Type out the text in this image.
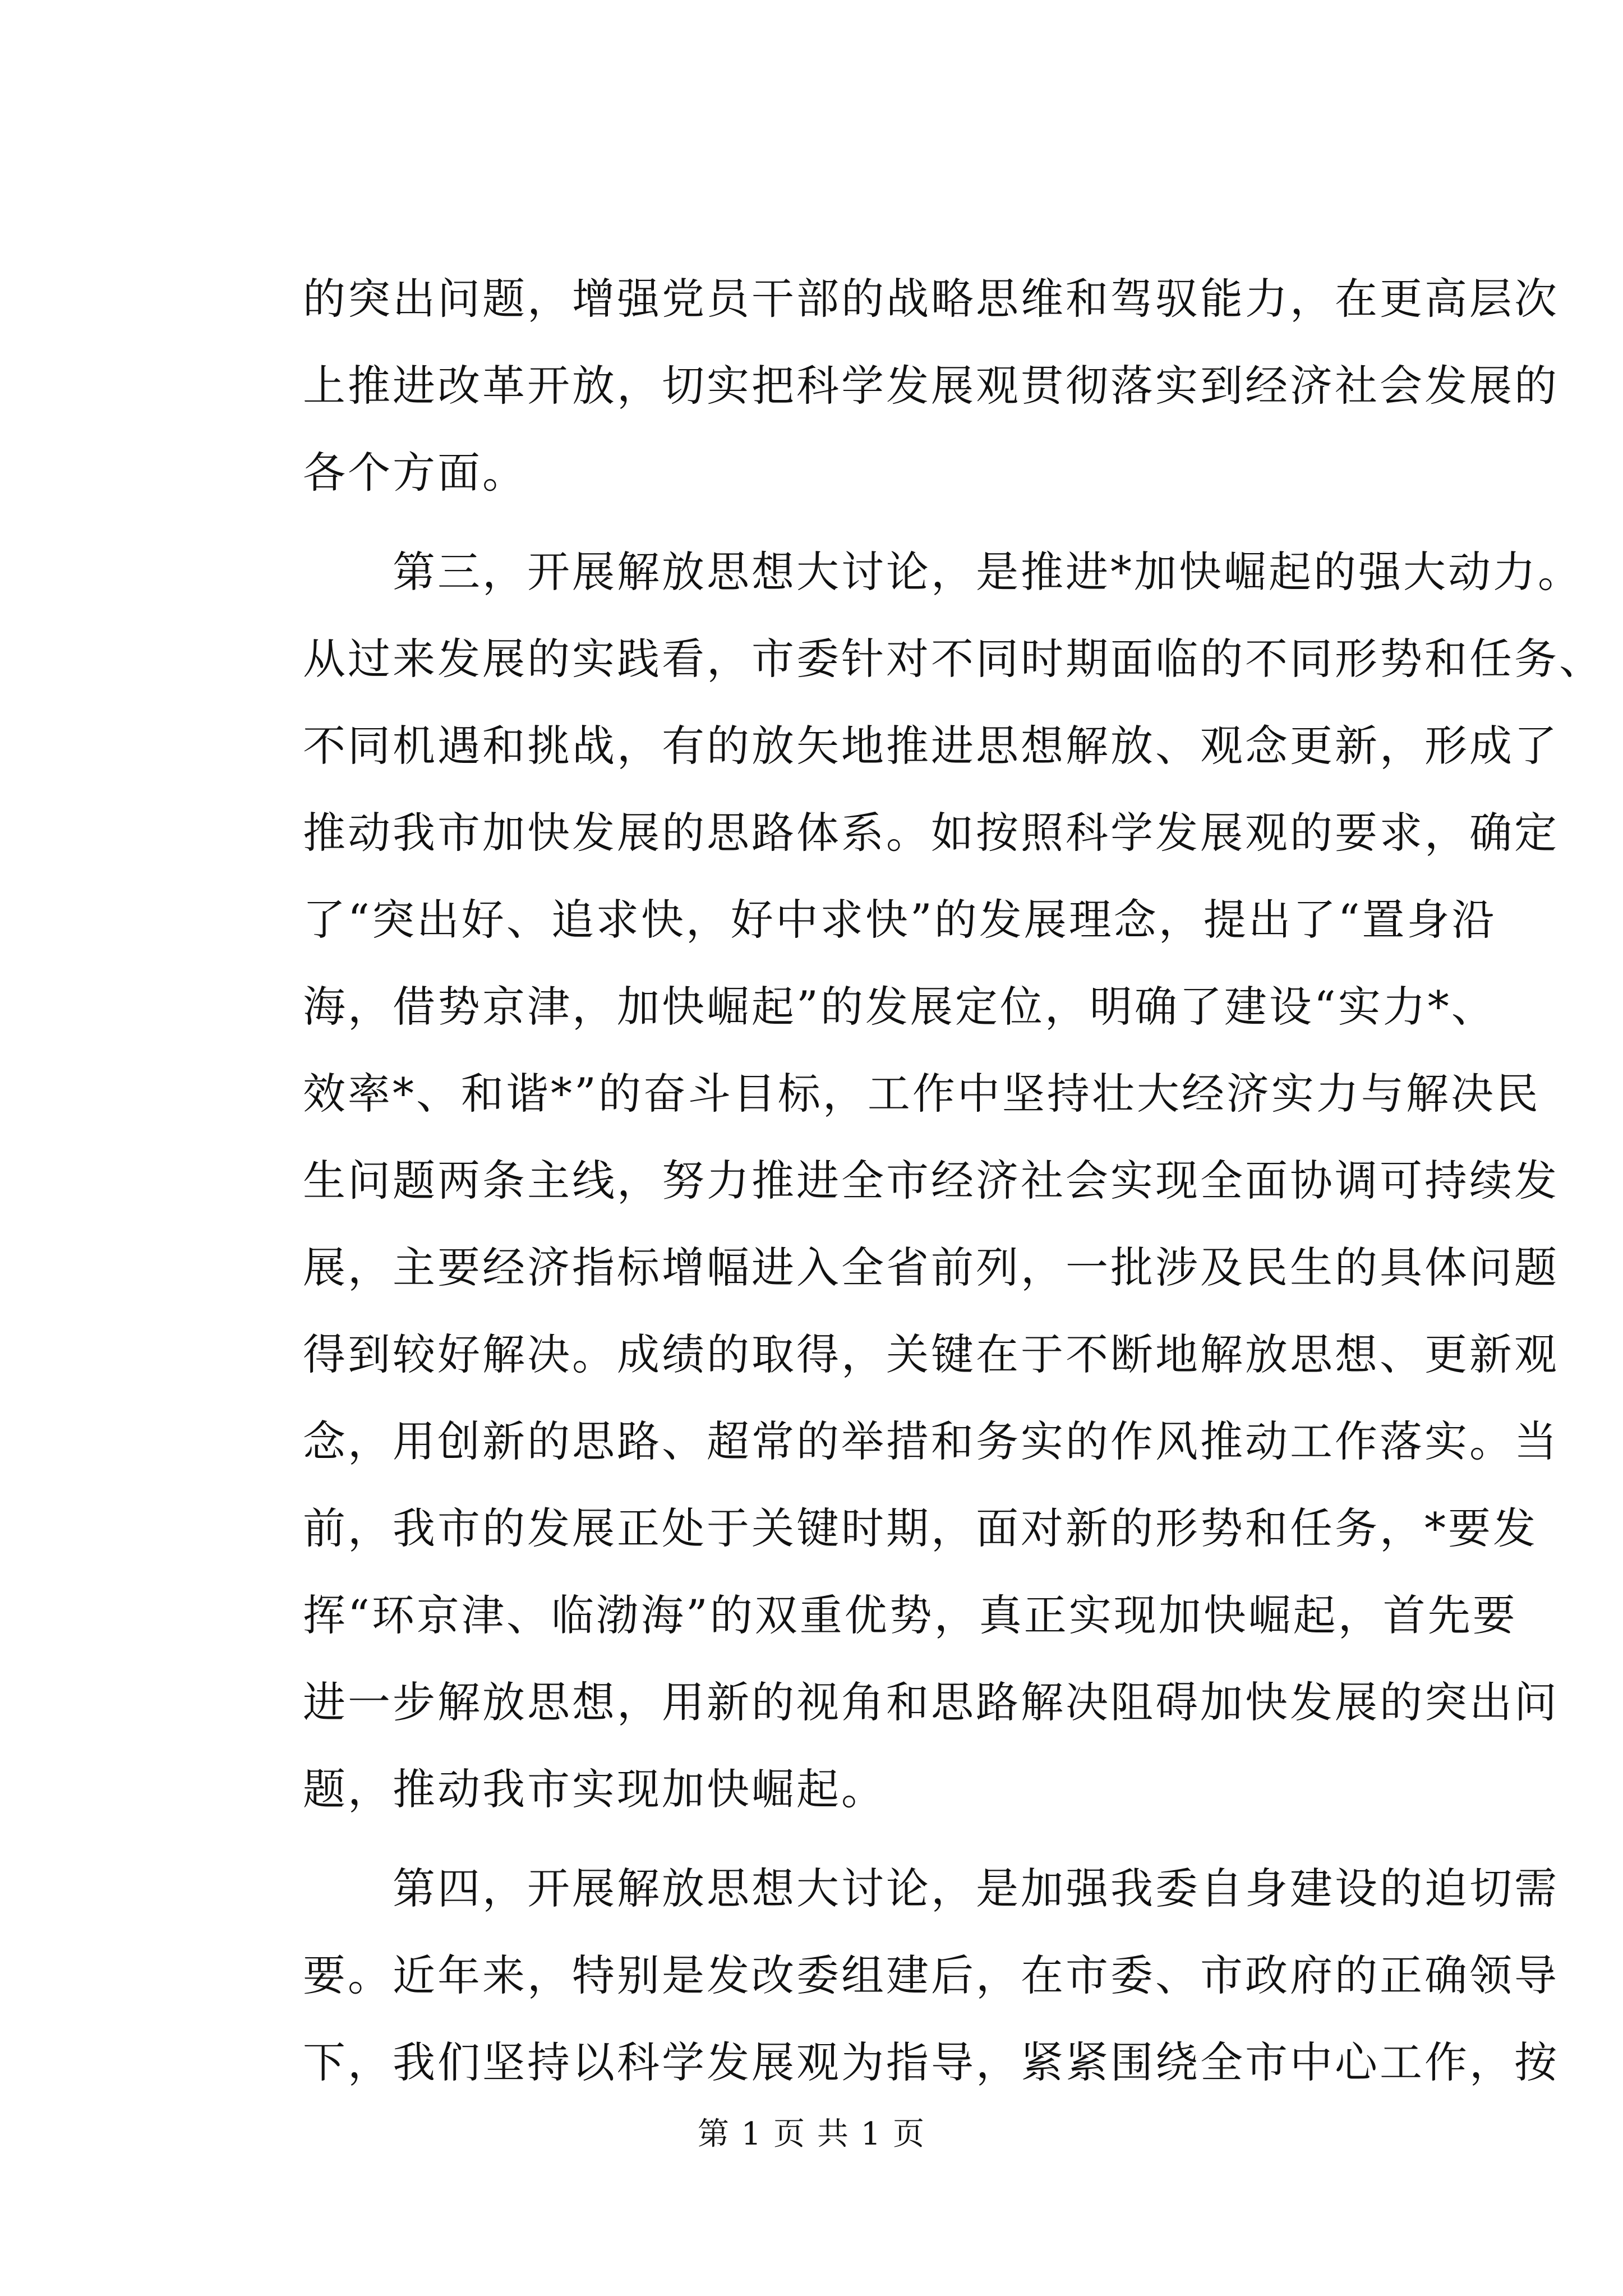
的突出问题，增强党员干部的战略思维和驾驭能力，在更高层次
上推进改革开放，切实把科学发展观贯彻落实到经济社会发展的
各个方面。
　　第三，开展解放思想大讨论，是推进*加快崛起的强大动力。
从过来发展的实践看，市委针对不同时期面临的不同形势和任务、
不同机遇和挑战，有的放矢地推进思想解放、观念更新，形成了
推动我市加快发展的思路体系。如按照科学发展观的要求，确定
了“突出好、追求快，好中求快”的发展理念，提出了“置身沿
海，借势京津，加快崛起”的发展定位，明确了建设“实力*、
效率*、和谐*”的奋斗目标，工作中坚持壮大经济实力与解决民
生问题两条主线，努力推进全市经济社会实现全面协调可持续发
展，主要经济指标增幅进入全省前列，一批涉及民生的具体问题
得到较好解决。成绩的取得，关键在于不断地解放思想、更新观
念，用创新的思路、超常的举措和务实的作风推动工作落实。当
前，我市的发展正处于关键时期，面对新的形势和任务，*要发
挥“环京津、临渤海”的双重优势，真正实现加快崛起，首先要
进一步解放思想，用新的视角和思路解决阻碍加快发展的突出问
题，推动我市实现加快崛起。
　　第四，开展解放思想大讨论，是加强我委自身建设的迫切需
要。近年来，特别是发改委组建后，在市委、市政府的正确领导
下，我们坚持以科学发展观为指导，紧紧围绕全市中心工作，按
第 1 页 共 1 页
